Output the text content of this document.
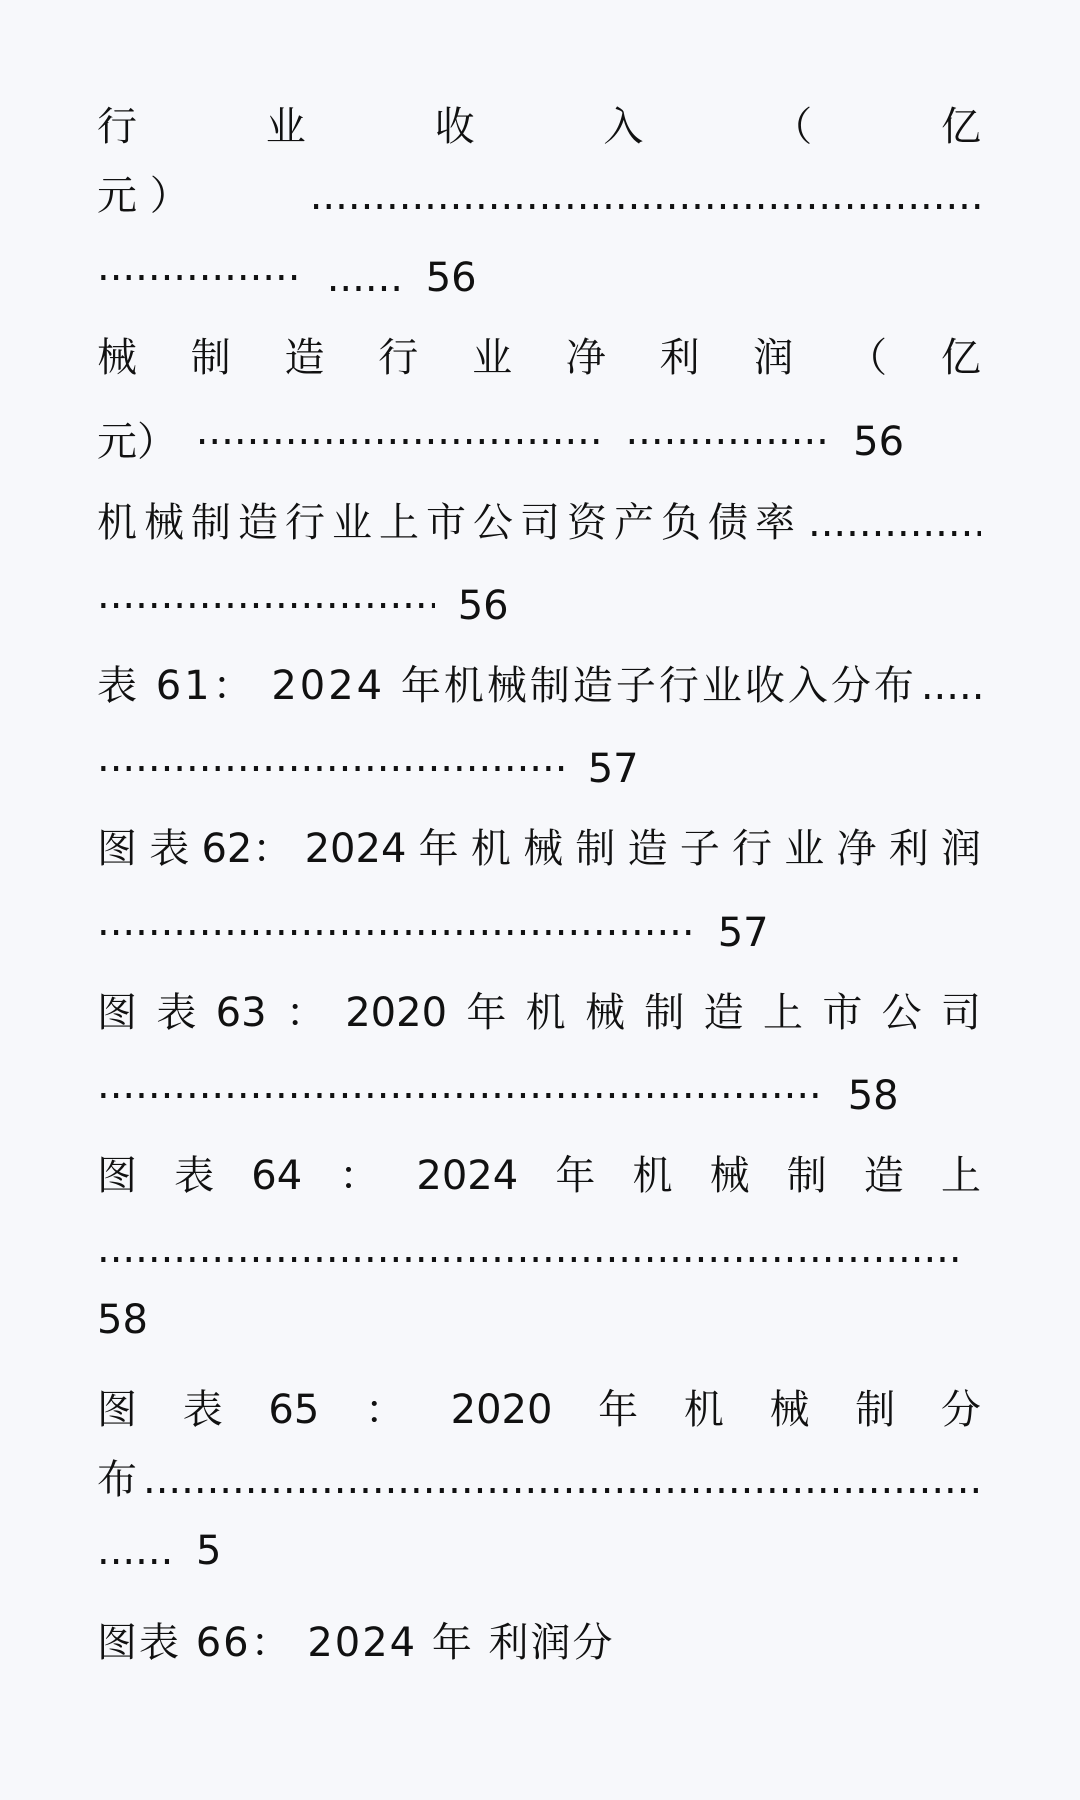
行	业	收	入	（	亿
元 ）
.....
..... ...... 56
械 制 造 行 业 净 利 润 （ 亿
元） ..... .....	56
机械制造行业上市公司资产负债率
.....
..... 56
表 61： 2024 年机械制造子行业收入分布
.....
..... 57
图 表 62： 2024 年 机 械 制 造 子 行 业 净 利 润
..... 57
图 表 63 ： 2020 年 机 械 制 造 上 市 公 司
..... 58
图 表 64 ： 2024 年 机 械 制 造 上
.....
58
图 表 65 ： 2020 年 机 械 制 分
布
.....
...... 5
图表 66： 2024 年 利润分
